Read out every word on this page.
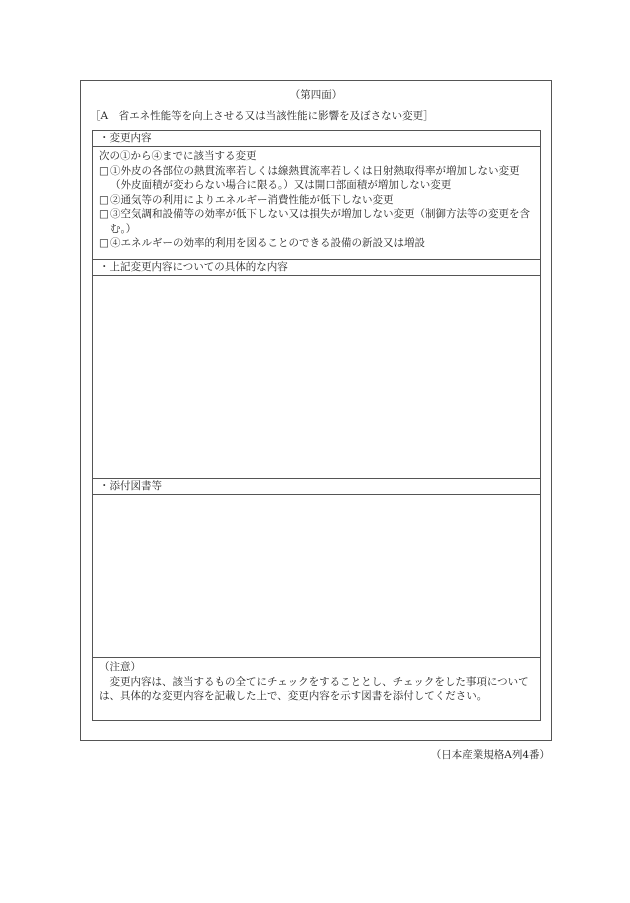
（第四面）
［A　省エネ性能等を向上させる又は当該性能に影響を及ぼさない変更］
・変更内容
次の①から④までに該当する変更
□ ①外皮の各部位の熱貫流率若しくは線熱貫流率若しくは日射熱取得率が増加しない変更（外皮面積が変わらない場合に限る。）又は開口部面積が増加しない変更
□ ②通気等の利用によりエネルギー消費性能が低下しない変更
□ ③空気調和設備等の効率が低下しない又は損失が増加しない変更（制御方法等の変更を含む。）
□ ④エネルギーの効率的利用を図ることのできる設備の新設又は増設
・上記変更内容についての具体的な内容
・添付図書等
（注意）
変更内容は、該当するもの全てにチェックをすることとし、チェックをした事項については、具体的な変更内容を記載した上で、変更内容を示す図書を添付してください。
（日本産業規格A列4番）
